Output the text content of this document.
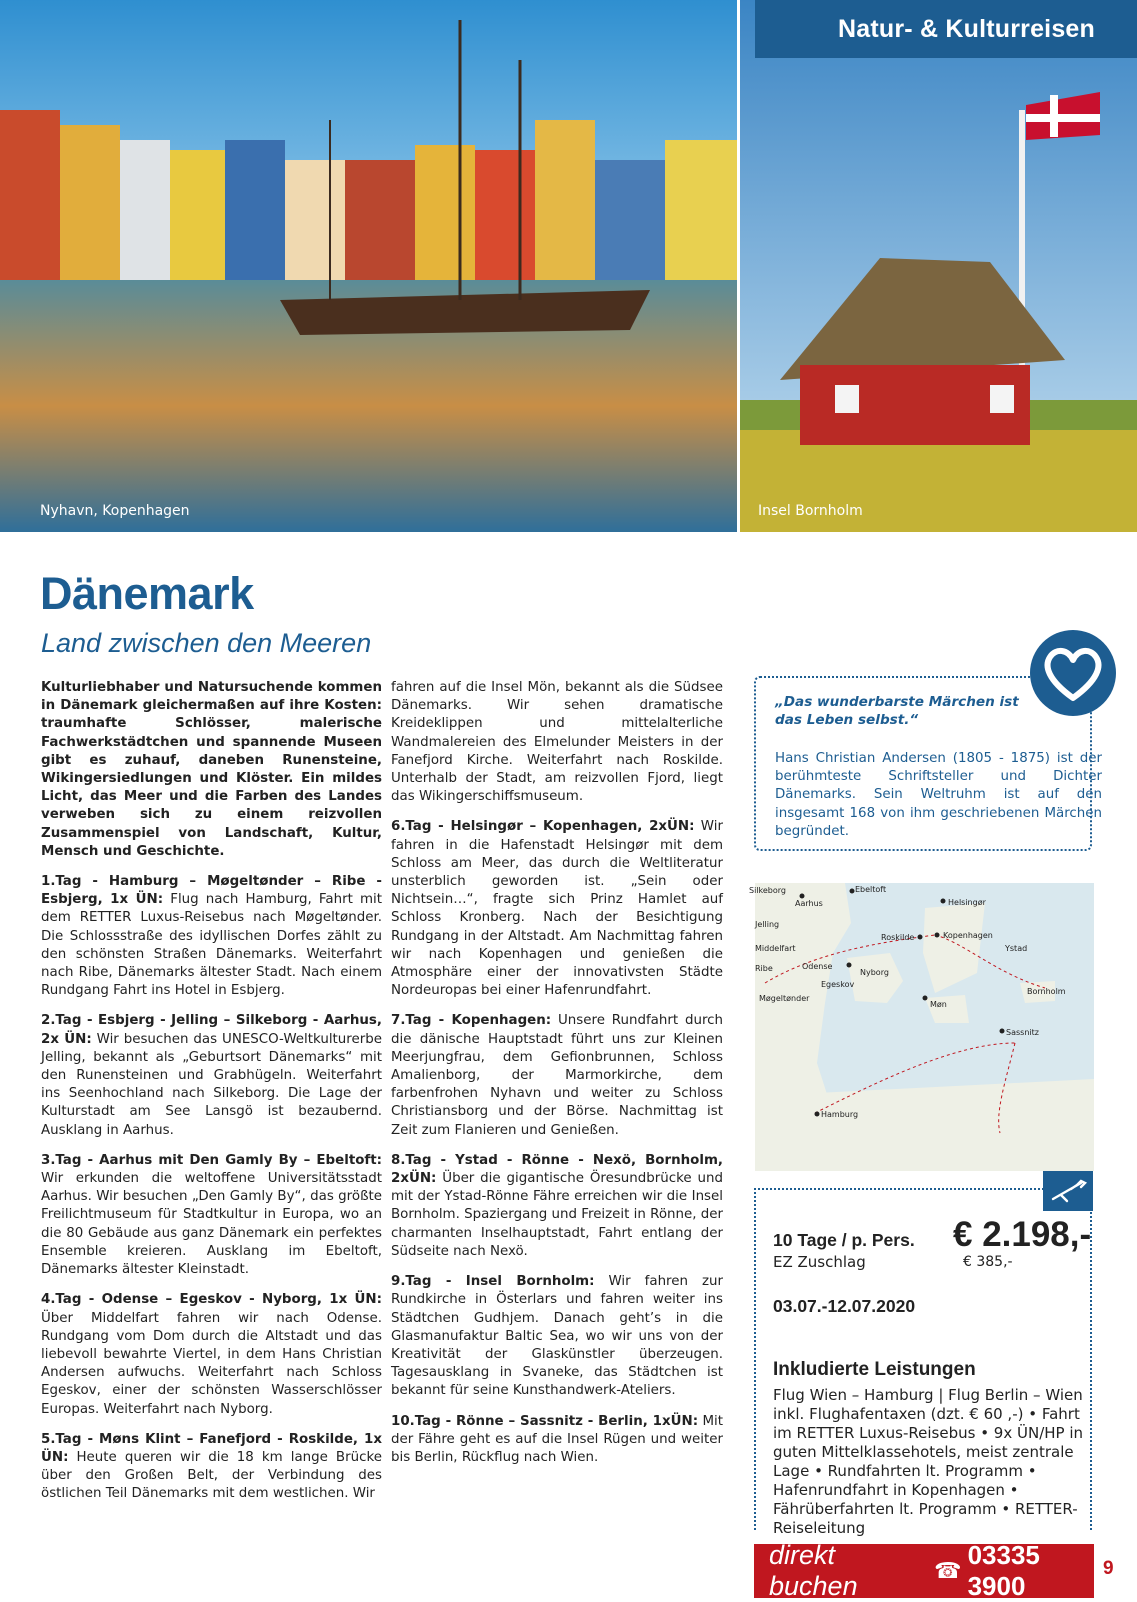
Nyhavn, Kopenhagen	Insel Bornholm
Natur- & Kulturreisen
Dänemark
Land zwischen den Meeren

Kulturliebhaber und Natursuchende kommen in Dänemark gleichermaßen auf ihre Kosten: traumhafte Schlösser, malerische Fachwerkstädtchen und spannende Museen gibt es zuhauf, daneben Runensteine, Wikingersiedlungen und Klöster. Ein mildes Licht, das Meer und die Farben des Landes verweben sich zu einem reizvollen Zusammenspiel von Landschaft, Kultur, Mensch und Geschichte.

1.Tag - Hamburg – Møgeltønder – Ribe - Esbjerg, 1x ÜN: Flug nach Hamburg, Fahrt mit dem RETTER Luxus-Reisebus nach Møgeltønder. Die Schlossstraße des idyllischen Dorfes zählt zu den schönsten Straßen Dänemarks. Weiterfahrt nach Ribe, Dänemarks ältester Stadt. Nach einem Rundgang Fahrt ins Hotel in Esbjerg.

2.Tag - Esbjerg - Jelling – Silkeborg - Aarhus, 2x ÜN: Wir besuchen das UNESCO-Weltkulturerbe Jelling, bekannt als „Geburtsort Dänemarks“ mit den Runensteinen und Grabhügeln. Weiterfahrt ins Seenhochland nach Silkeborg. Die Lage der Kulturstadt am See Lansgö ist bezaubernd. Ausklang in Aarhus.

3.Tag - Aarhus mit Den Gamly By – Ebeltoft: Wir erkunden die weltoffene Universitätsstadt Aarhus. Wir besuchen „Den Gamly By“, das größte Freilichtmuseum für Stadtkultur in Europa, wo an die 80 Gebäude aus ganz Dänemark ein perfektes Ensemble kreieren. Ausklang im Ebeltoft, Dänemarks ältester Kleinstadt.

4.Tag - Odense – Egeskov - Nyborg, 1x ÜN: Über Middelfart fahren wir nach Odense. Rundgang vom Dom durch die Altstadt und das liebevoll bewahrte Viertel, in dem Hans Christian Andersen aufwuchs. Weiterfahrt nach Schloss Egeskov, einer der schönsten Wasserschlösser Europas. Weiterfahrt nach Nyborg.

5.Tag - Møns Klint – Fanefjord - Roskilde, 1x ÜN: Heute queren wir die 18 km lange Brücke über den Großen Belt, der Verbindung des östlichen Teil Dänemarks mit dem westlichen. Wir

fahren auf die Insel Mön, bekannt als die Südsee Dänemarks. Wir sehen dramatische Kreideklippen und mittelalterliche Wandmalereien des Elmelunder Meisters in der Fanefjord Kirche. Weiterfahrt nach Roskilde. Unterhalb der Stadt, am reizvollen Fjord, liegt das Wikingerschiffsmuseum.

6.Tag - Helsingør – Kopenhagen, 2xÜN: Wir fahren in die Hafenstadt Helsingør mit dem Schloss am Meer, das durch die Weltliteratur unsterblich geworden ist. „Sein oder Nichtsein…“, fragte sich Prinz Hamlet auf Schloss Kronberg. Nach der Besichtigung Rundgang in der Altstadt. Am Nachmittag fahren wir nach Kopenhagen und genießen die Atmosphäre einer der innovativsten Städte Nordeuropas bei einer Hafenrundfahrt.

7.Tag - Kopenhagen: Unsere Rundfahrt durch die dänische Hauptstadt führt uns zur Kleinen Meerjungfrau, dem Gefionbrunnen, Schloss Amalienborg, der Marmorkirche, dem farbenfrohen Nyhavn und weiter zu Schloss Christiansborg und der Börse. Nachmittag ist Zeit zum Flanieren und Genießen.

8.Tag - Ystad - Rönne - Nexö, Bornholm, 2xÜN: Über die gigantische Öresundbrücke und mit der Ystad-Rönne Fähre erreichen wir die Insel Bornholm. Spaziergang und Freizeit in Rönne, der charmanten Inselhauptstadt, Fahrt entlang der Südseite nach Nexö.

9.Tag - Insel Bornholm: Wir fahren zur Rundkirche in Österlars und fahren weiter ins Städtchen Gudhjem. Danach geht’s in die Glasmanufaktur Baltic Sea, wo wir uns von der Kreativität der Glaskünstler überzeugen. Tagesausklang in Svaneke, das Städtchen ist bekannt für seine Kunsthandwerk-Ateliers.

10.Tag - Rönne – Sassnitz - Berlin, 1xÜN: Mit der Fähre geht es auf die Insel Rügen und weiter bis Berlin, Rückflug nach Wien.

„Das wunderbarste Märchen ist das Leben selbst.“
Hans Christian Andersen (1805 - 1875) ist der berühmteste Schriftsteller und Dichter Dänemarks. Sein Weltruhm ist auf den insgesamt 168 von ihm geschriebenen Märchen begründet.
Silkeborg	Ebeltoft
Aarhus	Helsingør
Jelling
Roskilde	Kopenhagen
Middelfart	Ystad
Odense
Nyborg
Ribe
Egeskov
Bornholm
Møgeltønder
Møn
Sassnitz
Hamburg
10 Tage / p. Pers.
EZ Zuschlag
€ 2.198,-
€ 385,-
03.07.-12.07.2020
Inkludierte Leistungen
Flug Wien – Hamburg | Flug Berlin – Wien inkl. Flughafentaxen (dzt. € 60 ,-) • Fahrt im RETTER Luxus-Reisebus • 9x ÜN/HP in guten Mittelklassehotels, meist zentrale Lage • Rundfahrten lt. Programm • Hafenrundfahrt in Kopenhagen • Fährüberfahrten lt. Programm • RETTER-Reiseleitung
direkt buchen
☎
03335 3900
9
